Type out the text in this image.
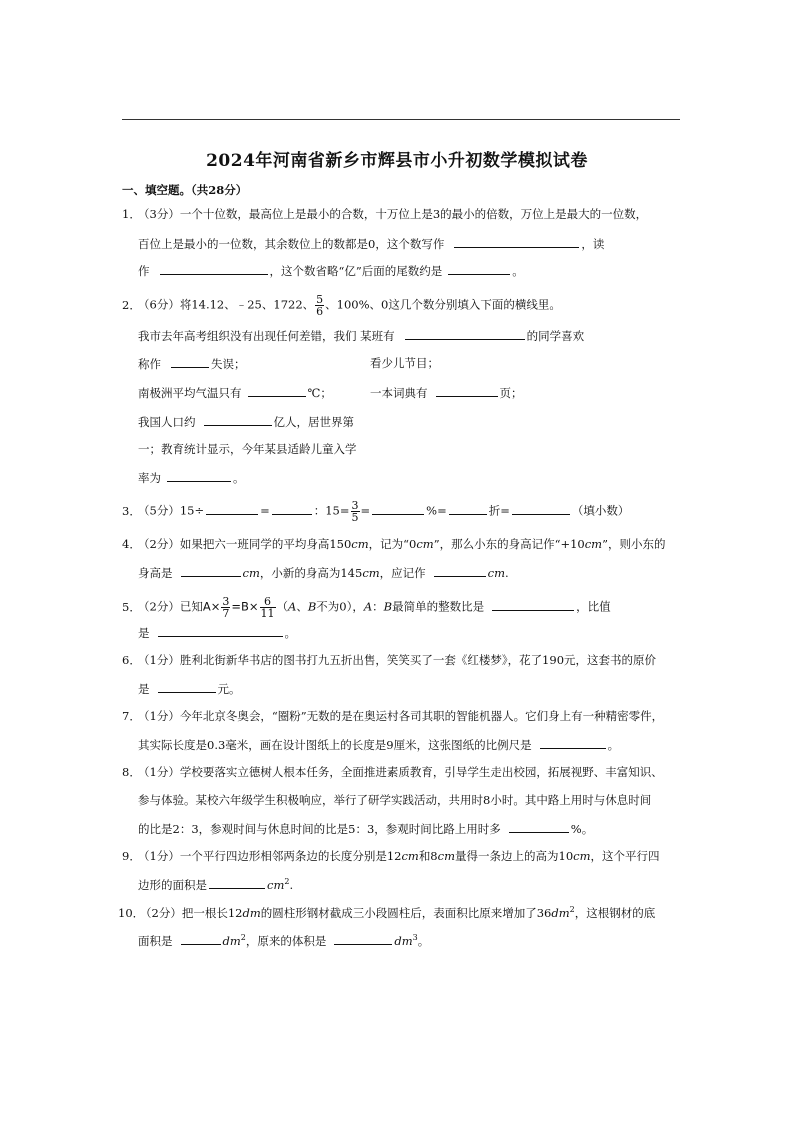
2024年河南省新乡市辉县市小升初数学模拟试卷
一、填空题。（共28分）
1．（3分）一个十位数，最高位上是最小的合数，十万位上是3的最小的倍数，万位上是最大的一位数，
百位上是最小的一位数，其余数位上的数都是0，这个数写作	，读
作	，这个数省略“亿”后面的尾数约是	。
2．（6分）将14.12、﹣25、1722、 $\frac{5}{6}$ 、100%、0这几个数分别填入下面的横线里。
我市去年高考组织没有出现任何差错，我们 某班有	的同学喜欢
称作	失误；	看少儿节目；
南极洲平均气温只有	℃；	一本词典有	页；
我国人口约	亿人，居世界第
一；教育统计显示，今年某县适龄儿童入学
率为	。
3．（5分）15÷	=	：$15= \frac{3}{5}$ =	%=	折=	（填小数）
4．（2分）如果把六一班同学的平均身高150cm，记为“0cm”，那么小东的身高记作“+10cm”，则小东的
身高是	cm，小新的身高为145cm，应记作	cm.
5．（2分）已知$A\times \frac{3}{7} =B\times \frac{6}{11} (A$、B不为0），A：B最简单的整数比是	，比值
是	。
6．（1分）胜利北街新华书店的图书打九五折出售，笑笑买了一套《红楼梦》，花了190元，这套书的原价
是	元。
7．（1分）今年北京冬奥会，“圈粉”无数的是在奥运村各司其职的智能机器人。它们身上有一种精密零件，
其实际长度是0.3毫米，画在设计图纸上的长度是9厘米，这张图纸的比例尺是	。
8．（1分）学校要落实立德树人根本任务，全面推进素质教育，引导学生走出校园，拓展视野、丰富知识、
参与体验。某校六年级学生积极响应，举行了研学实践活动，共用时8小时。其中路上用时与休息时间
的比是2：3，参观时间与休息时间的比是5：3，参观时间比路上用时多	%。
9．（1分）一个平行四边形相邻两条边的长度分别是12cm和8cm量得一条边上的高为10cm，这个平行四
边形的面积是	$cm^2$.
10．（2分）把一根长12dm的圆柱形钢材截成三小段圆柱后，表面积比原来增加了$36dm^2$，这根钢材的底
面积是	$dm^2$，原来的体积是	$dm^3$。
